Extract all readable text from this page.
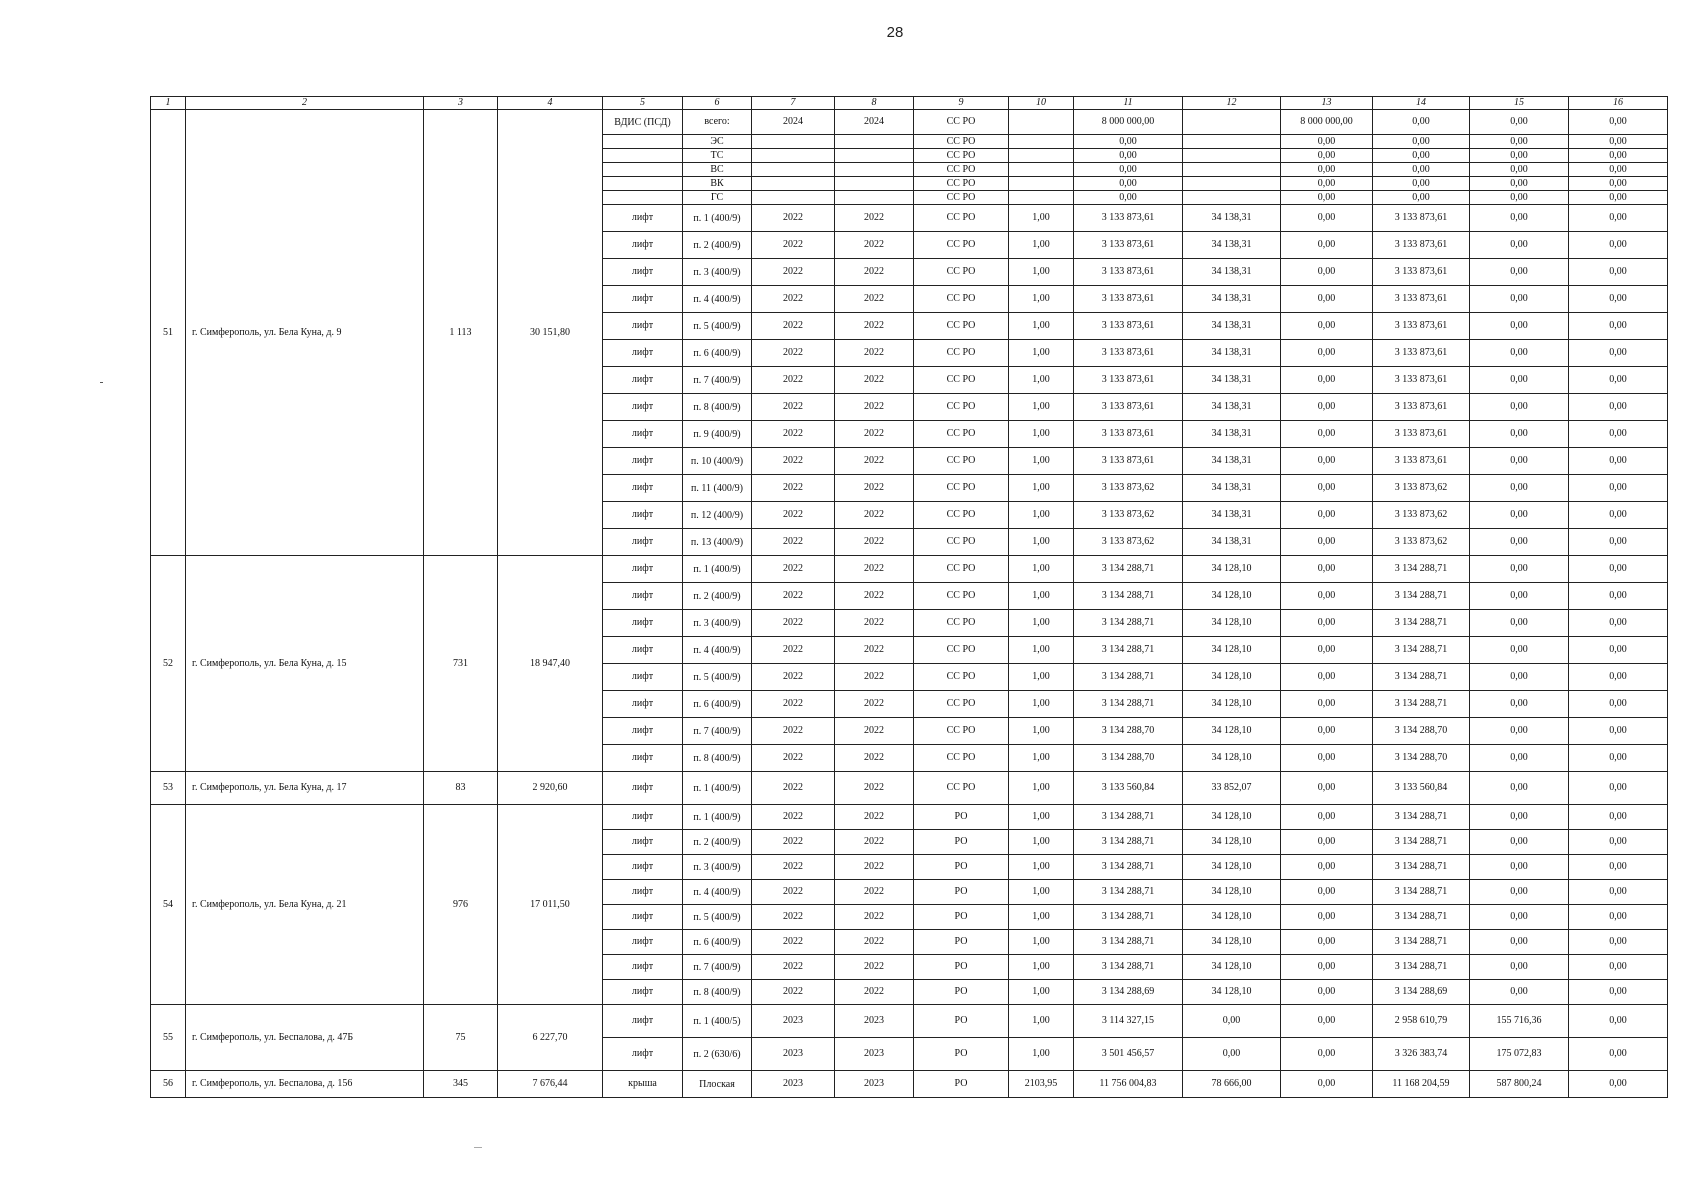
28
1	2	3	4	5	6	7	8	9	10	11	12	13	14	15	16
51	г. Симферополь, ул. Бела Куна, д. 9	1 113	30 151,80	ВДИС (ПСД)	всего:	2024	2024	СС РО		8 000 000,00		8 000 000,00	0,00	0,00	0,00
					ЭС			СС РО		0,00		0,00	0,00	0,00	0,00
					ТС			СС РО		0,00		0,00	0,00	0,00	0,00
					ВС			СС РО		0,00		0,00	0,00	0,00	0,00
					ВК			СС РО		0,00		0,00	0,00	0,00	0,00
					ГС			СС РО		0,00		0,00	0,00	0,00	0,00
				лифт	п. 1 (400/9)	2022	2022	СС РО	1,00	3 133 873,61	34 138,31	0,00	3 133 873,61	0,00	0,00
				лифт	п. 2 (400/9)	2022	2022	СС РО	1,00	3 133 873,61	34 138,31	0,00	3 133 873,61	0,00	0,00
				лифт	п. 3 (400/9)	2022	2022	СС РО	1,00	3 133 873,61	34 138,31	0,00	3 133 873,61	0,00	0,00
				лифт	п. 4 (400/9)	2022	2022	СС РО	1,00	3 133 873,61	34 138,31	0,00	3 133 873,61	0,00	0,00
				лифт	п. 5 (400/9)	2022	2022	СС РО	1,00	3 133 873,61	34 138,31	0,00	3 133 873,61	0,00	0,00
				лифт	п. 6 (400/9)	2022	2022	СС РО	1,00	3 133 873,61	34 138,31	0,00	3 133 873,61	0,00	0,00
				лифт	п. 7 (400/9)	2022	2022	СС РО	1,00	3 133 873,61	34 138,31	0,00	3 133 873,61	0,00	0,00
				лифт	п. 8 (400/9)	2022	2022	СС РО	1,00	3 133 873,61	34 138,31	0,00	3 133 873,61	0,00	0,00
				лифт	п. 9 (400/9)	2022	2022	СС РО	1,00	3 133 873,61	34 138,31	0,00	3 133 873,61	0,00	0,00
				лифт	п. 10 (400/9)	2022	2022	СС РО	1,00	3 133 873,61	34 138,31	0,00	3 133 873,61	0,00	0,00
				лифт	п. 11 (400/9)	2022	2022	СС РО	1,00	3 133 873,62	34 138,31	0,00	3 133 873,62	0,00	0,00
				лифт	п. 12 (400/9)	2022	2022	СС РО	1,00	3 133 873,62	34 138,31	0,00	3 133 873,62	0,00	0,00
				лифт	п. 13 (400/9)	2022	2022	СС РО	1,00	3 133 873,62	34 138,31	0,00	3 133 873,62	0,00	0,00
52	г. Симферополь, ул. Бела Куна, д. 15	731	18 947,40	лифт	п. 1 (400/9)	2022	2022	СС РО	1,00	3 134 288,71	34 128,10	0,00	3 134 288,71	0,00	0,00
				лифт	п. 2 (400/9)	2022	2022	СС РО	1,00	3 134 288,71	34 128,10	0,00	3 134 288,71	0,00	0,00
				лифт	п. 3 (400/9)	2022	2022	СС РО	1,00	3 134 288,71	34 128,10	0,00	3 134 288,71	0,00	0,00
				лифт	п. 4 (400/9)	2022	2022	СС РО	1,00	3 134 288,71	34 128,10	0,00	3 134 288,71	0,00	0,00
				лифт	п. 5 (400/9)	2022	2022	СС РО	1,00	3 134 288,71	34 128,10	0,00	3 134 288,71	0,00	0,00
				лифт	п. 6 (400/9)	2022	2022	СС РО	1,00	3 134 288,71	34 128,10	0,00	3 134 288,71	0,00	0,00
				лифт	п. 7 (400/9)	2022	2022	СС РО	1,00	3 134 288,70	34 128,10	0,00	3 134 288,70	0,00	0,00
				лифт	п. 8 (400/9)	2022	2022	СС РО	1,00	3 134 288,70	34 128,10	0,00	3 134 288,70	0,00	0,00
53	г. Симферополь, ул. Бела Куна, д. 17	83	2 920,60	лифт	п. 1 (400/9)	2022	2022	СС РО	1,00	3 133 560,84	33 852,07	0,00	3 133 560,84	0,00	0,00
54	г. Симферополь, ул. Бела Куна, д. 21	976	17 011,50	лифт	п. 1 (400/9)	2022	2022	РО	1,00	3 134 288,71	34 128,10	0,00	3 134 288,71	0,00	0,00
				лифт	п. 2 (400/9)	2022	2022	РО	1,00	3 134 288,71	34 128,10	0,00	3 134 288,71	0,00	0,00
				лифт	п. 3 (400/9)	2022	2022	РО	1,00	3 134 288,71	34 128,10	0,00	3 134 288,71	0,00	0,00
				лифт	п. 4 (400/9)	2022	2022	РО	1,00	3 134 288,71	34 128,10	0,00	3 134 288,71	0,00	0,00
				лифт	п. 5 (400/9)	2022	2022	РО	1,00	3 134 288,71	34 128,10	0,00	3 134 288,71	0,00	0,00
				лифт	п. 6 (400/9)	2022	2022	РО	1,00	3 134 288,71	34 128,10	0,00	3 134 288,71	0,00	0,00
				лифт	п. 7 (400/9)	2022	2022	РО	1,00	3 134 288,71	34 128,10	0,00	3 134 288,71	0,00	0,00
				лифт	п. 8 (400/9)	2022	2022	РО	1,00	3 134 288,69	34 128,10	0,00	3 134 288,69	0,00	0,00
55	г. Симферополь, ул. Беспалова, д. 47Б	75	6 227,70	лифт	п. 1 (400/5)	2023	2023	РО	1,00	3 114 327,15	0,00	0,00	2 958 610,79	155 716,36	0,00
				лифт	п. 2 (630/6)	2023	2023	РО	1,00	3 501 456,57	0,00	0,00	3 326 383,74	175 072,83	0,00
56	г. Симферополь, ул. Беспалова, д. 156	345	7 676,44	крыша	Плоская	2023	2023	РО	2103,95	11 756 004,83	78 666,00	0,00	11 168 204,59	587 800,24	0,00
